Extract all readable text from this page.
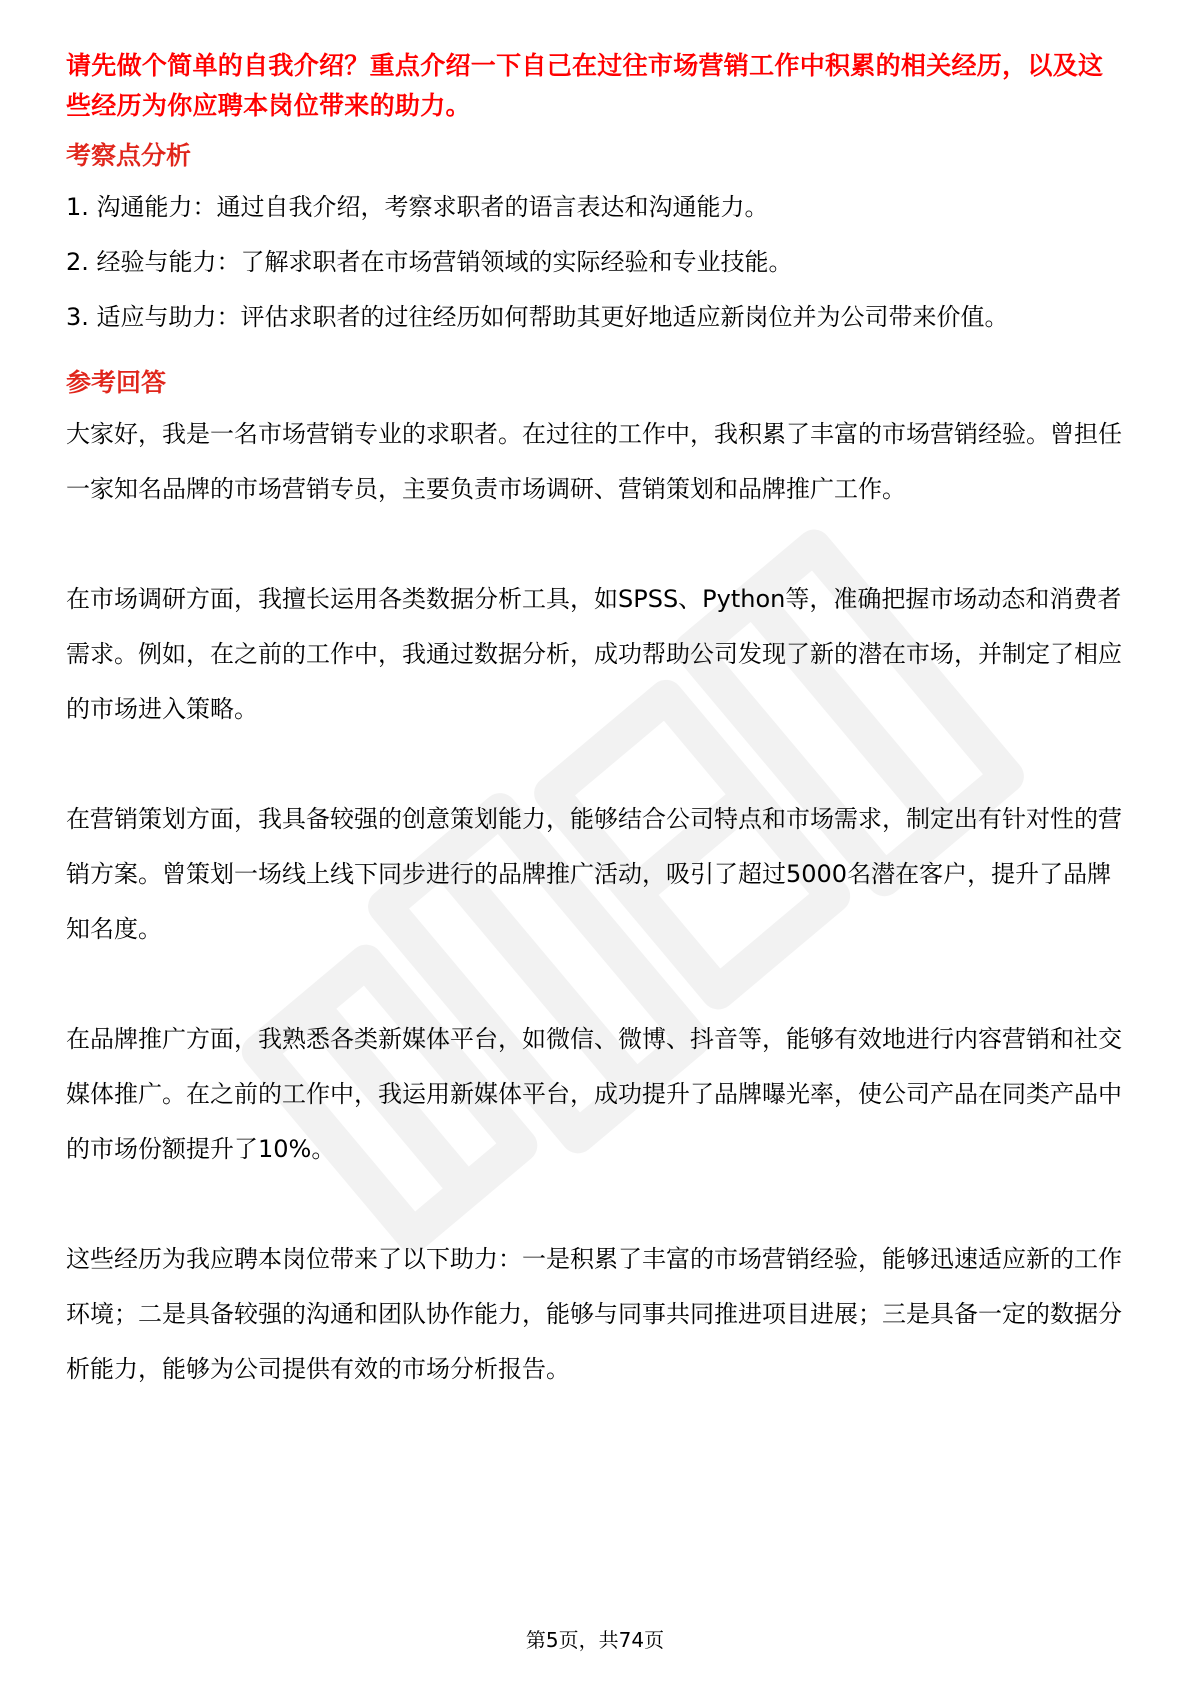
请先做个简单的自我介绍？重点介绍一下自己在过往市场营销工作中积累的相关经历，以及这些经历为你应聘本岗位带来的助力。

考察点分析

1. 沟通能力：通过自我介绍，考察求职者的语言表达和沟通能力。

2. 经验与能力：了解求职者在市场营销领域的实际经验和专业技能。

3. 适应与助力：评估求职者的过往经历如何帮助其更好地适应新岗位并为公司带来价值。

参考回答

大家好，我是一名市场营销专业的求职者。在过往的工作中，我积累了丰富的市场营销经验。曾担任一家知名品牌的市场营销专员，主要负责市场调研、营销策划和品牌推广工作。

在市场调研方面，我擅长运用各类数据分析工具，如SPSS、Python等，准确把握市场动态和消费者需求。例如，在之前的工作中，我通过数据分析，成功帮助公司发现了新的潜在市场，并制定了相应的市场进入策略。

在营销策划方面，我具备较强的创意策划能力，能够结合公司特点和市场需求，制定出有针对性的营销方案。曾策划一场线上线下同步进行的品牌推广活动，吸引了超过5000名潜在客户，提升了品牌知名度。

在品牌推广方面，我熟悉各类新媒体平台，如微信、微博、抖音等，能够有效地进行内容营销和社交媒体推广。在之前的工作中，我运用新媒体平台，成功提升了品牌曝光率，使公司产品在同类产品中的市场份额提升了10%。

这些经历为我应聘本岗位带来了以下助力：一是积累了丰富的市场营销经验，能够迅速适应新的工作环境；二是具备较强的沟通和团队协作能力，能够与同事共同推进项目进展；三是具备一定的数据分析能力，能够为公司提供有效的市场分析报告。

第5页，共74页
